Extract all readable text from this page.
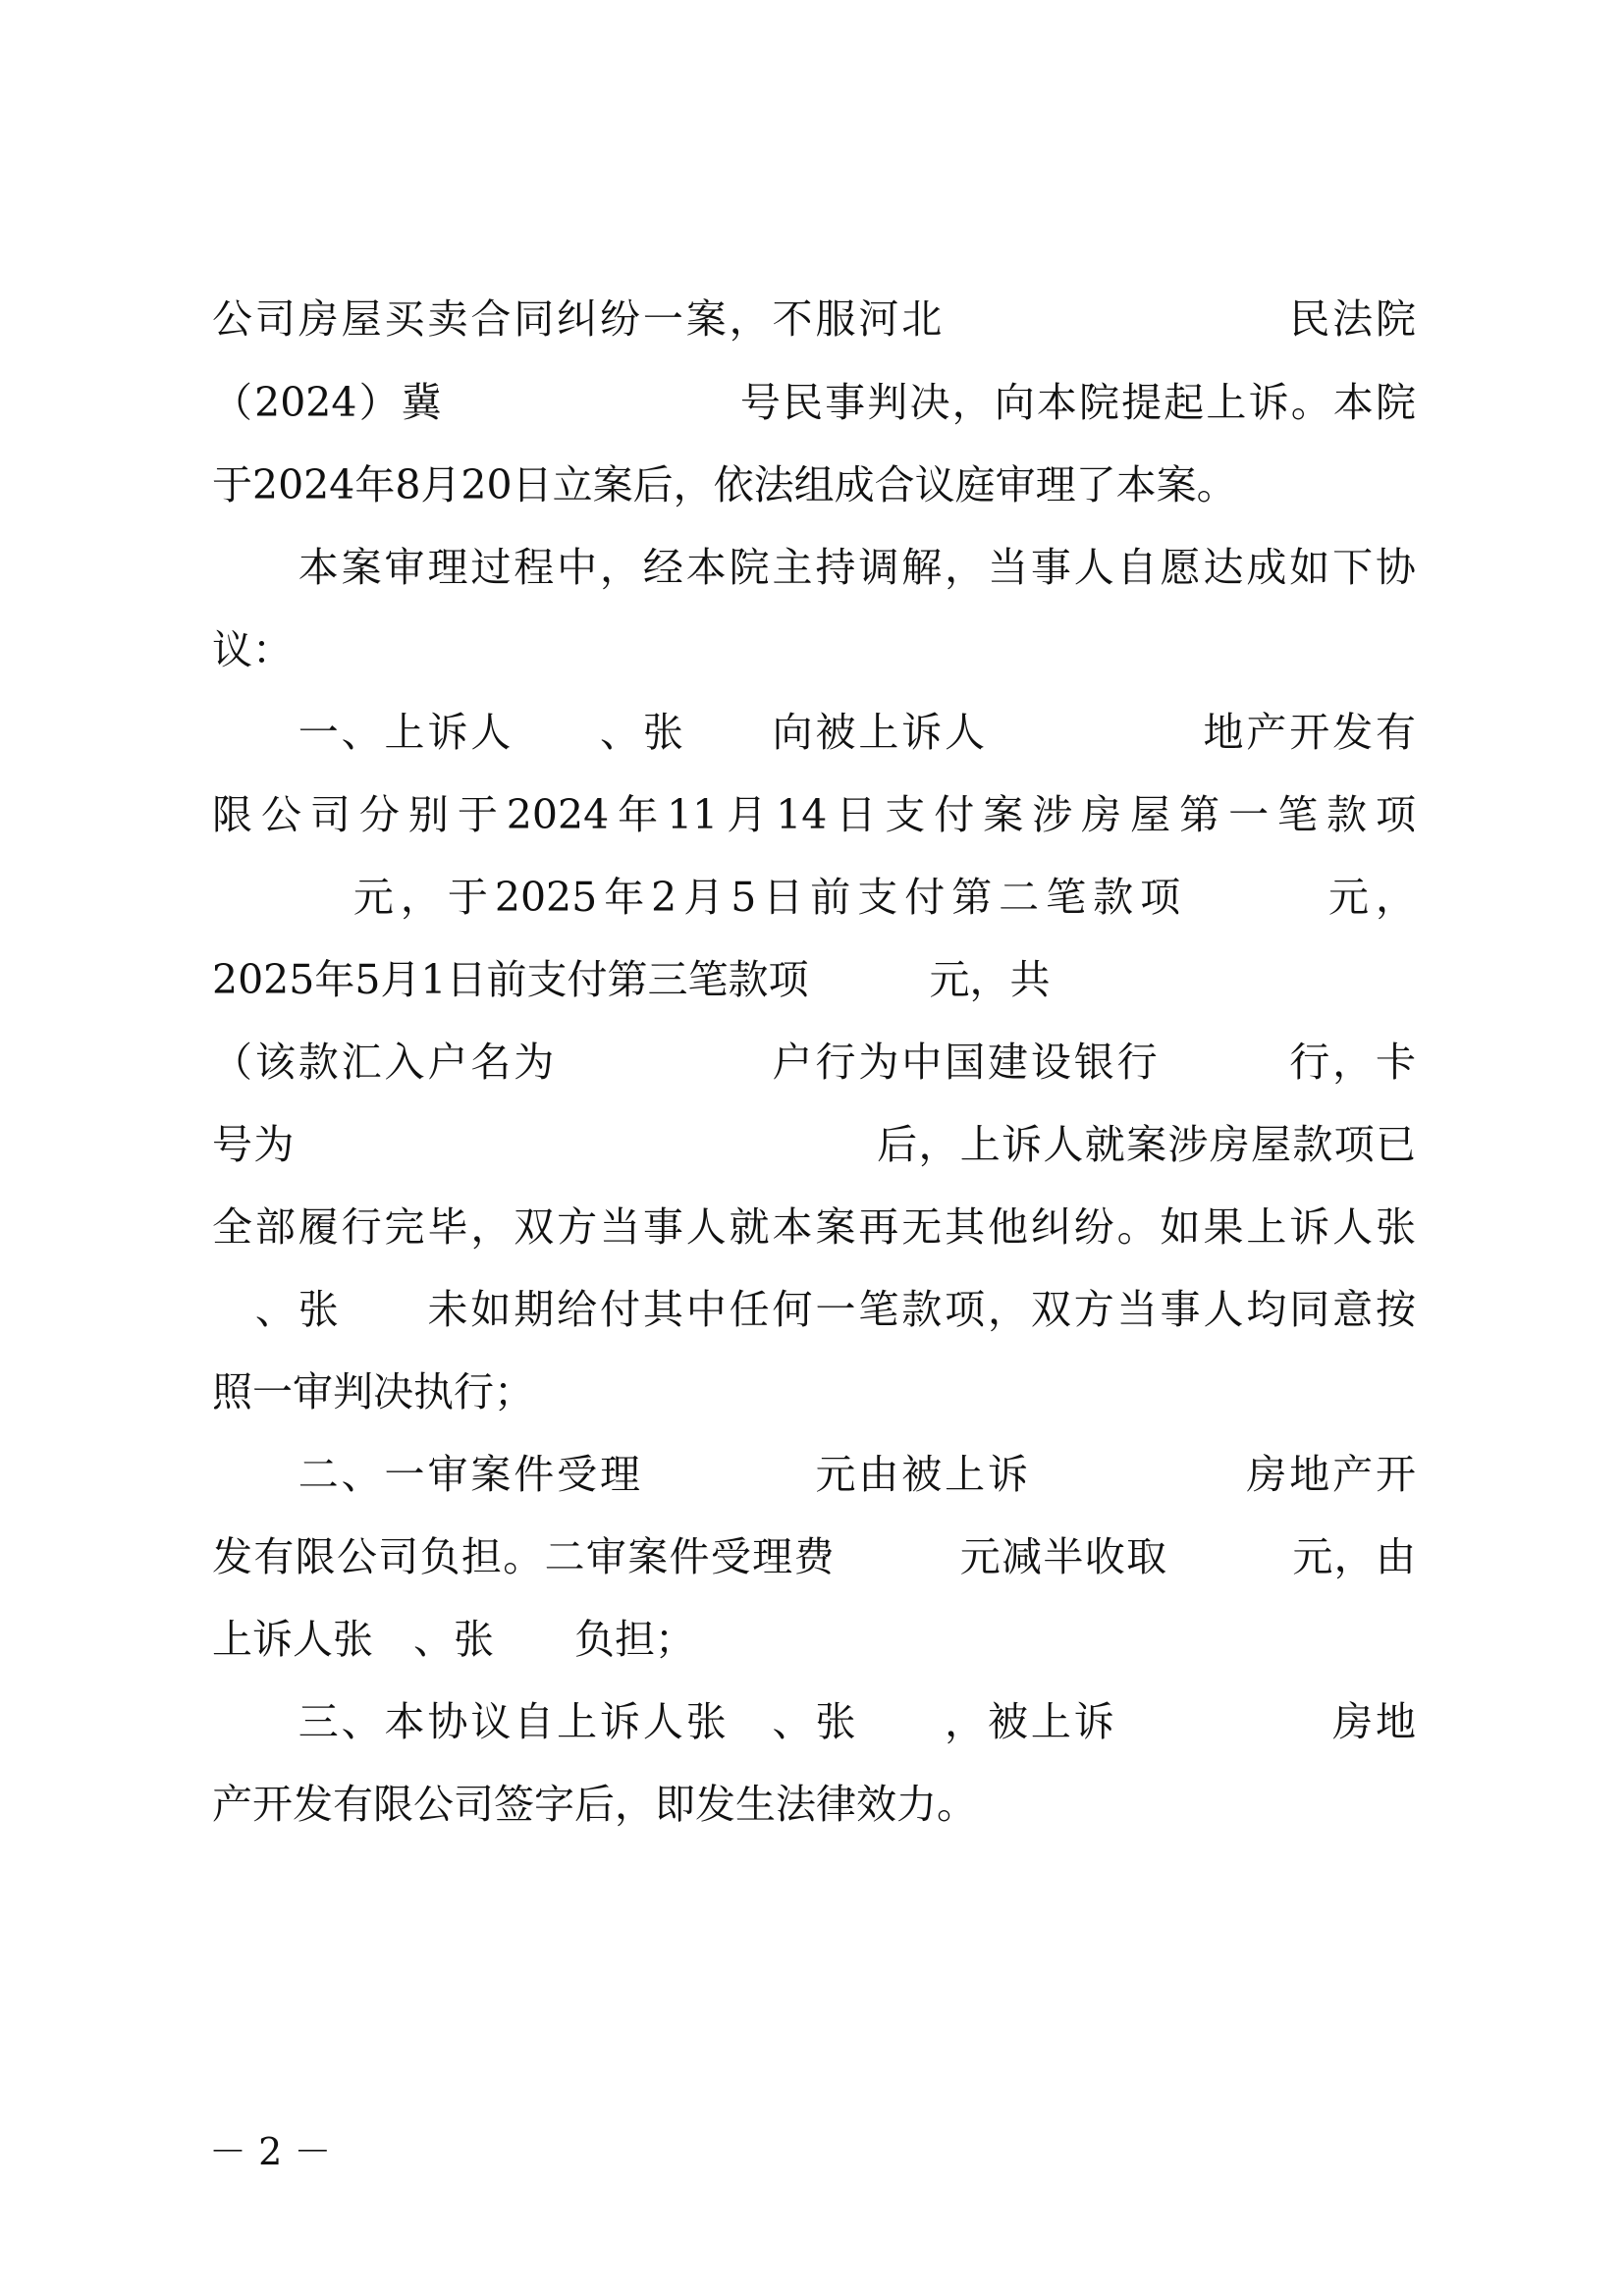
公司房屋买卖合同纠纷一案，不服河北　　　　　　　　民法院
（2024）冀　　　　　　　号民事判决，向本院提起上诉。本院
于2024年8月20日立案后，依法组成合议庭审理了本案。
　　本案审理过程中，经本院主持调解，当事人自愿达成如下协
议：
　　一、上诉人　　、张　　向被上诉人　　　　　地产开发有
限公司分别于2024年11月14日支付案涉房屋第一笔款项
　　　元，于2025年2月5日前支付第二笔款项　　　元，
2025年5月1日前支付第三笔款项　　　元，共
（该款汇入户名为　　　　　户行为中国建设银行　　　行，卡
号为　　　　　　　　　　　　　　后，上诉人就案涉房屋款项已
全部履行完毕，双方当事人就本案再无其他纠纷。如果上诉人张
　、张　　未如期给付其中任何一笔款项，双方当事人均同意按
照一审判决执行；
　　二、一审案件受理　　　　元由被上诉　　　　　房地产开
发有限公司负担。二审案件受理费　　　元减半收取　　　元，由
上诉人张　、张　　负担；
　　三、本协议自上诉人张　、张　　，被上诉　　　　　房地
产开发有限公司签字后，即发生法律效力。
－ 2 －
